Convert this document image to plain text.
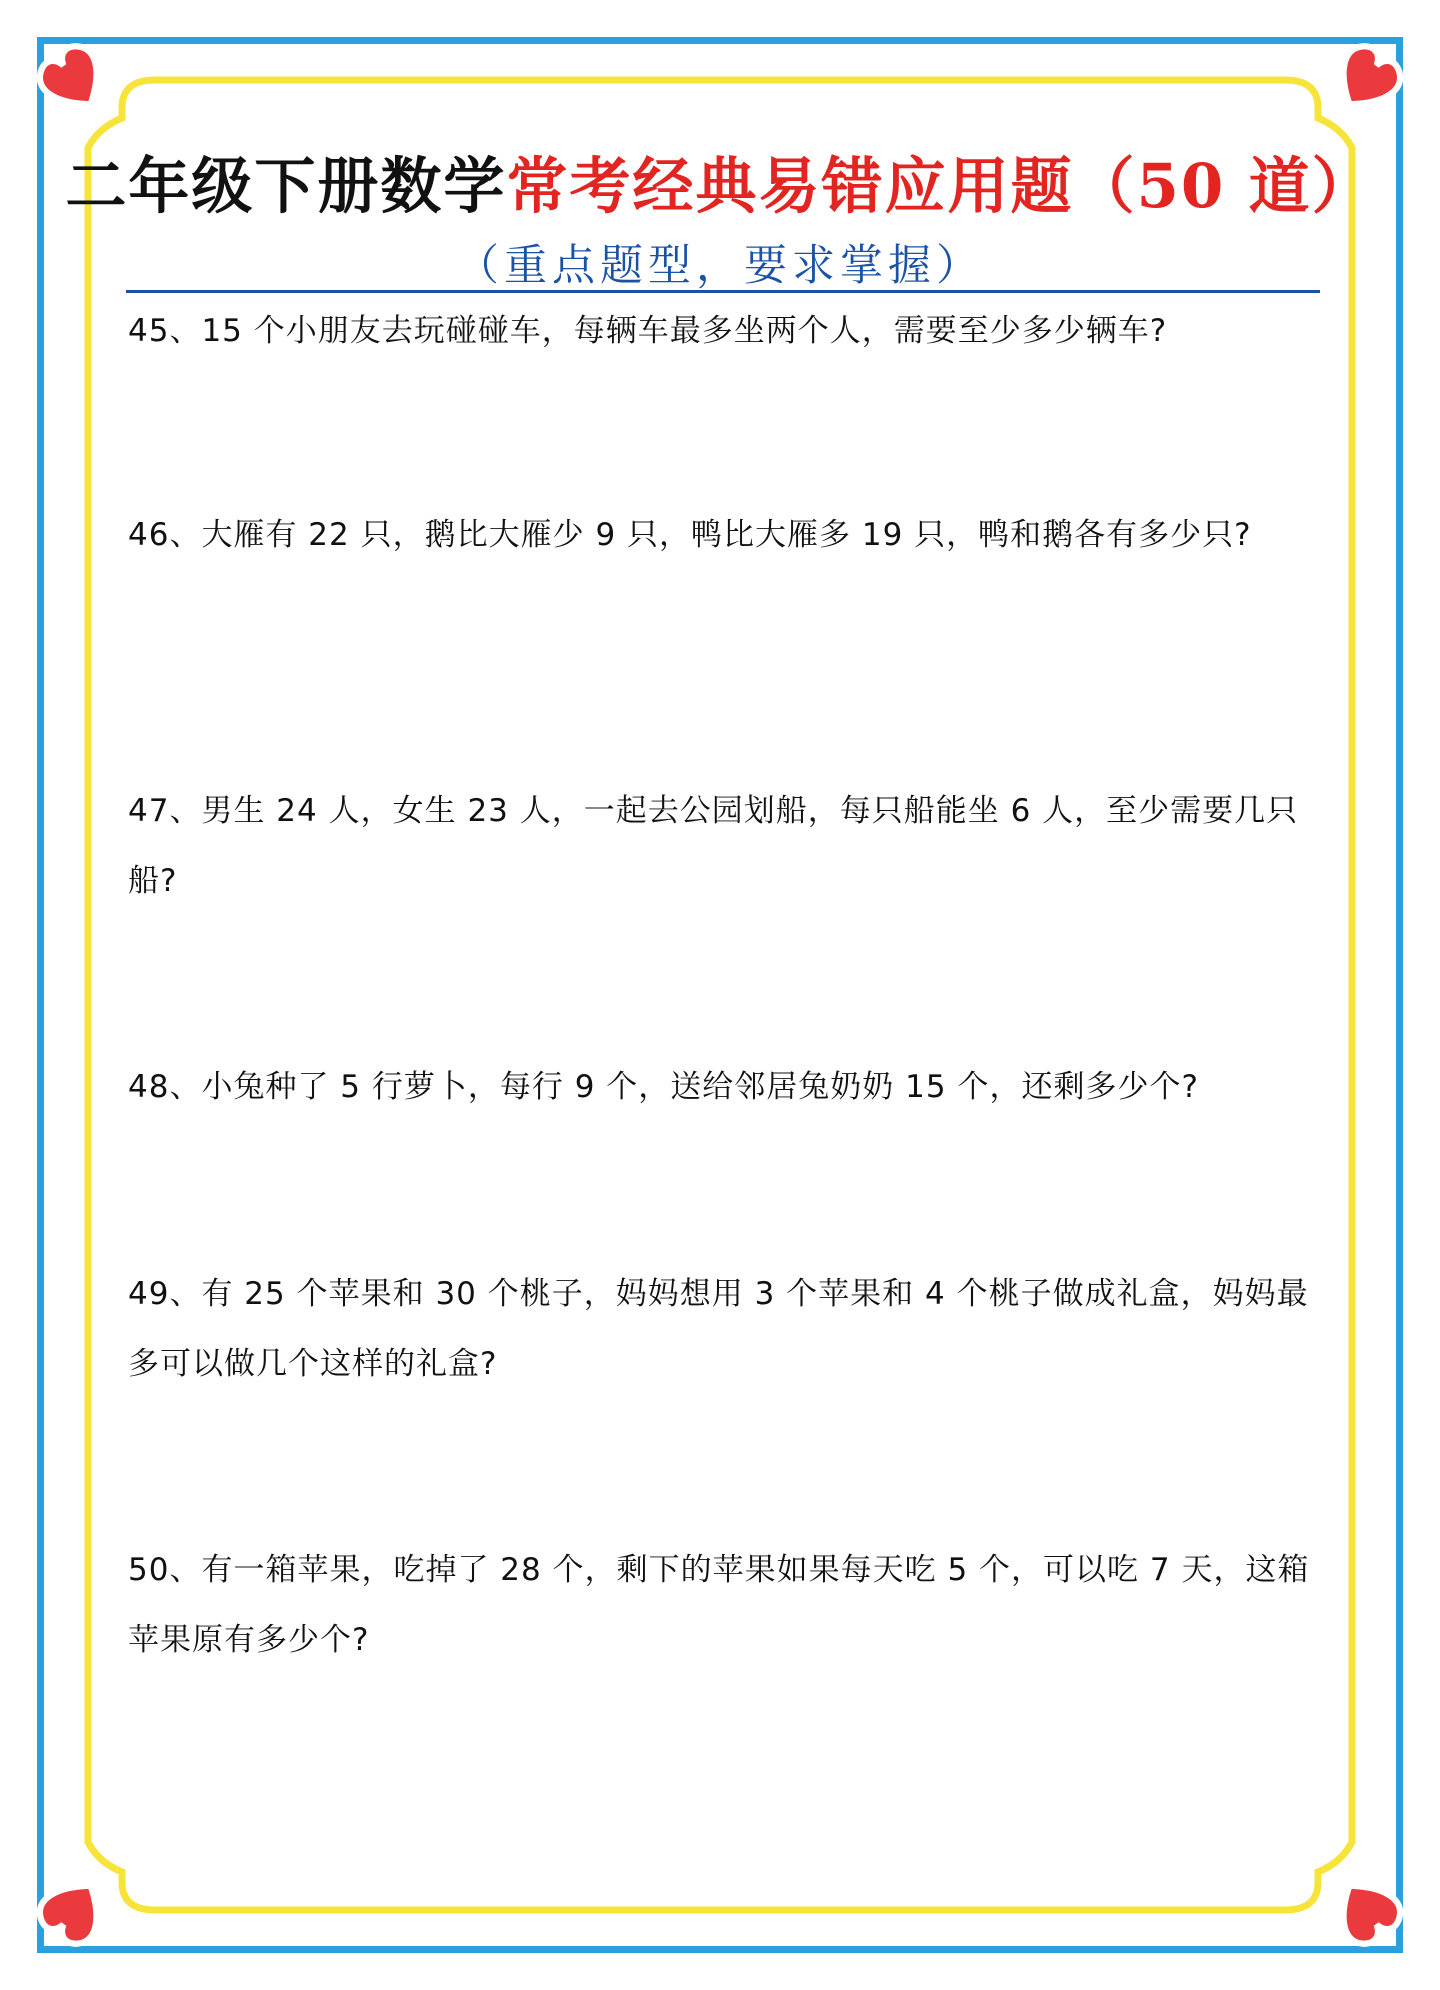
二年级下册数学常考经典易错应用题（50 道）
（重点题型，要求掌握）
45、15 个小朋友去玩碰碰车，每辆车最多坐两个人，需要至少多少辆车?
46、大雁有 22 只，鹅比大雁少 9 只，鸭比大雁多 19 只，鸭和鹅各有多少只?
47、男生 24 人，女生 23 人，一起去公园划船，每只船能坐 6 人，至少需要几只船?
48、小兔种了 5 行萝卜，每行 9 个，送给邻居兔奶奶 15 个，还剩多少个?
49、有 25 个苹果和 30 个桃子，妈妈想用 3 个苹果和 4 个桃子做成礼盒，妈妈最多可以做几个这样的礼盒?
50、有一箱苹果，吃掉了 28 个，剩下的苹果如果每天吃 5 个，可以吃 7 天，这箱苹果原有多少个?
